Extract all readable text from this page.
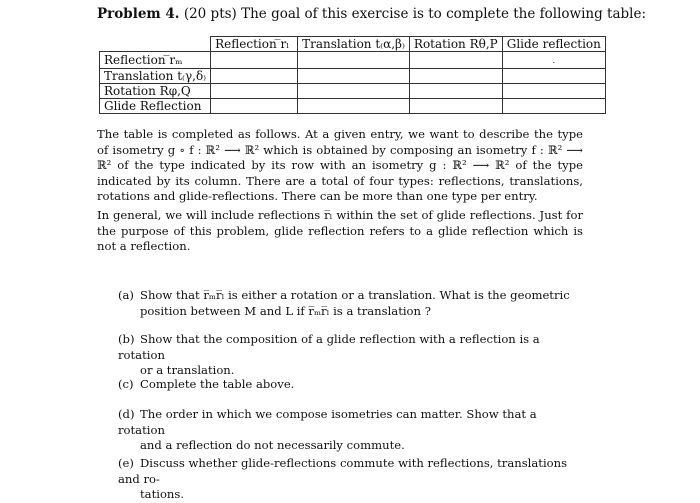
Problem 4. (20 pts) The goal of this exercise is to complete the following table:
	Reflection ̅rₗ	Translation t₍α,β₎	Rotation Rθ,P	Glide reflection
Reflection ̅rₘ				.
Translation t₍γ,δ₎				
Rotation Rφ,Q				
Glide Reflection				
The table is completed as follows. At a given entry, we want to describe the type of isometry g ∘ f : ℝ² ⟶ ℝ² which is obtained by composing an isometry f : ℝ² ⟶ ℝ² of the type indicated by its row with an isometry g : ℝ² ⟶ ℝ² of the type indicated by its column. There are a total of four types: reflections, translations, rotations and glide-reflections. There can be more than one type per entry.
In general, we will include reflections r̅ₗ within the set of glide reflections. Just for the purpose of this problem, glide reflection refers to a glide reflection which is not a reflection.
(a) Show that r̅ₘr̅ₗ is either a rotation or a translation. What is the geometric
position between M and L if r̅ₘr̅ₗ is a translation ?
(b) Show that the composition of a glide reflection with a reflection is a rotation
or a translation.
(c) Complete the table above.
(d) The order in which we compose isometries can matter. Show that a rotation
and a reflection do not necessarily commute.
(e) Discuss whether glide-reflections commute with reflections, translations and ro-
tations.
